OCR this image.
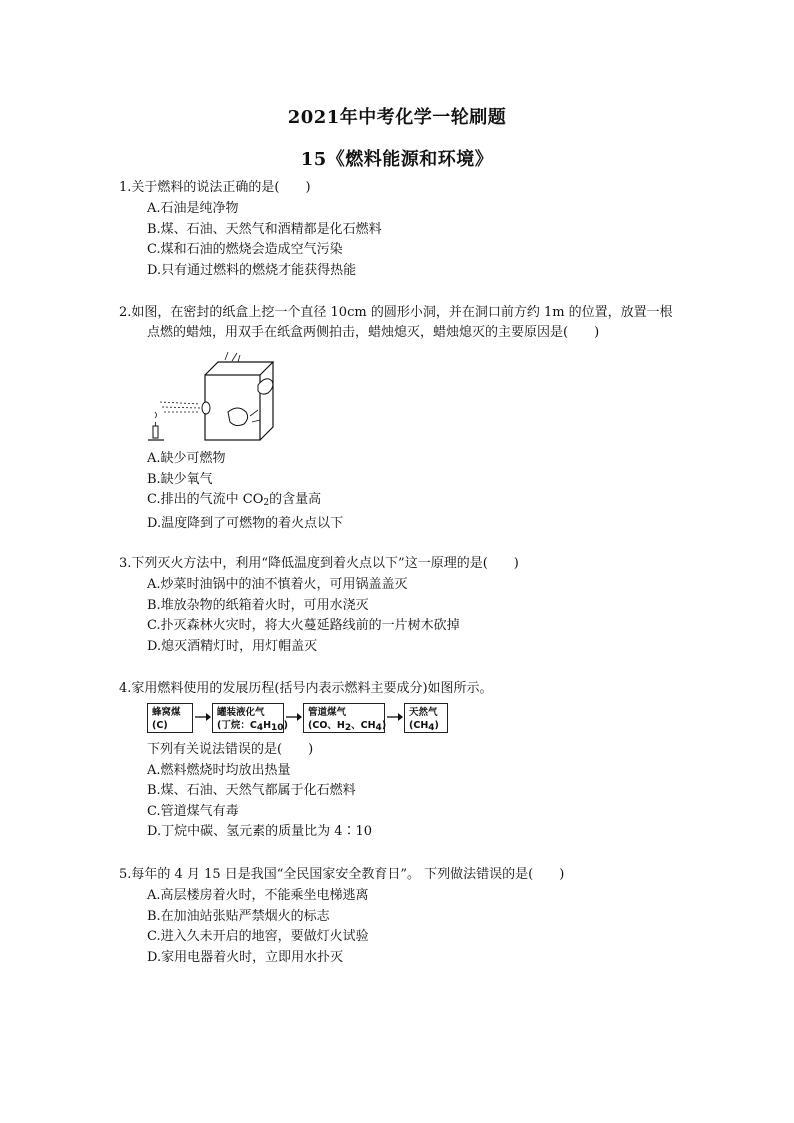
2021年中考化学一轮刷题
15《燃料能源和环境》
1.关于燃料的说法正确的是(　　)
A.石油是纯净物
B.煤、石油、天然气和酒精都是化石燃料
C.煤和石油的燃烧会造成空气污染
D.只有通过燃料的燃烧才能获得热能
2.如图，在密封的纸盒上挖一个直径 10cm 的圆形小洞，并在洞口前方约 1m 的位置，放置一根
点燃的蜡烛，用双手在纸盒两侧拍击，蜡烛熄灭，蜡烛熄灭的主要原因是(　　)
A.缺少可燃物
B.缺少氧气
C.排出的气流中 $CO_2$的含量高
D.温度降到了可燃物的着火点以下
3.下列灭火方法中，利用“降低温度到着火点以下”这一原理的是(　　)
A.炒菜时油锅中的油不慎着火，可用锅盖盖灭
B.堆放杂物的纸箱着火时，可用水浇灭
C.扑灭森林火灾时，将大火蔓延路线前的一片树木砍掉
D.熄灭酒精灯时，用灯帽盖灭
4.家用燃料使用的发展历程(括号内表示燃料主要成分)如图所示。
蜂窝煤
(C)
罐装液化气
(丁烷：C4H10)
管道煤气
(CO、H2、CH4)
天然气
(CH4)
下列有关说法错误的是(　　)
A.燃料燃烧时均放出热量
B.煤、石油、天然气都属于化石燃料
C.管道煤气有毒
D.丁烷中碳、氢元素的质量比为 4∶10
5.每年的 4 月 15 日是我国“全民国家安全教育日”。 下列做法错误的是(　　)
A.高层楼房着火时，不能乘坐电梯逃离
B.在加油站张贴严禁烟火的标志
C.进入久未开启的地窖，要做灯火试验
D.家用电器着火时，立即用水扑灭
